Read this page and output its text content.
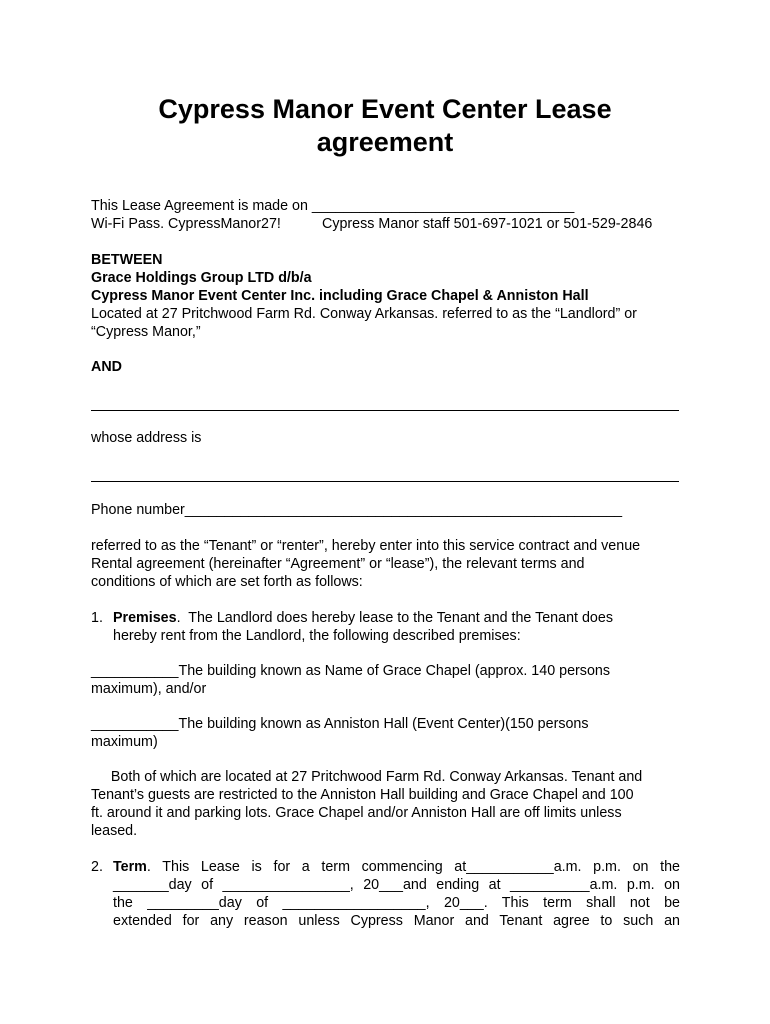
Cypress Manor Event Center Lease
agreement
This Lease Agreement is made on _________________________________
Wi-Fi Pass. CypressManor27!	Cypress Manor staff 501-697-1021 or 501-529-2846
BETWEEN
Grace Holdings Group LTD d/b/a
Cypress Manor Event Center Inc. including Grace Chapel & Anniston Hall
Located at 27 Pritchwood Farm Rd. Conway Arkansas. referred to as the “Landlord” or
“Cypress Manor,”
AND
whose address is
Phone number_______________________________________________________
referred to as the “Tenant” or “renter”, hereby enter into this service contract and venue
Rental agreement (hereinafter “Agreement” or “lease”), the relevant terms and
conditions of which are set forth as follows:
1. Premises.  The Landlord does hereby lease to the Tenant and the Tenant does
hereby rent from the Landlord, the following described premises:
___________The building known as Name of Grace Chapel (approx. 140 persons
maximum), and/or
___________The building known as Anniston Hall (Event Center)(150 persons
maximum)
Both of which are located at 27 Pritchwood Farm Rd. Conway Arkansas. Tenant and
Tenant’s guests are restricted to the Anniston Hall building and Grace Chapel and 100
ft. around it and parking lots. Grace Chapel and/or Anniston Hall are off limits unless
leased.
2. Term. This Lease is for a term commencing at___________a.m. p.m. on the
_______day of ________________, 20___and ending at __________a.m. p.m. on
the _________day of __________________, 20___. This term shall not be
extended for any reason unless Cypress Manor and Tenant agree to such an
